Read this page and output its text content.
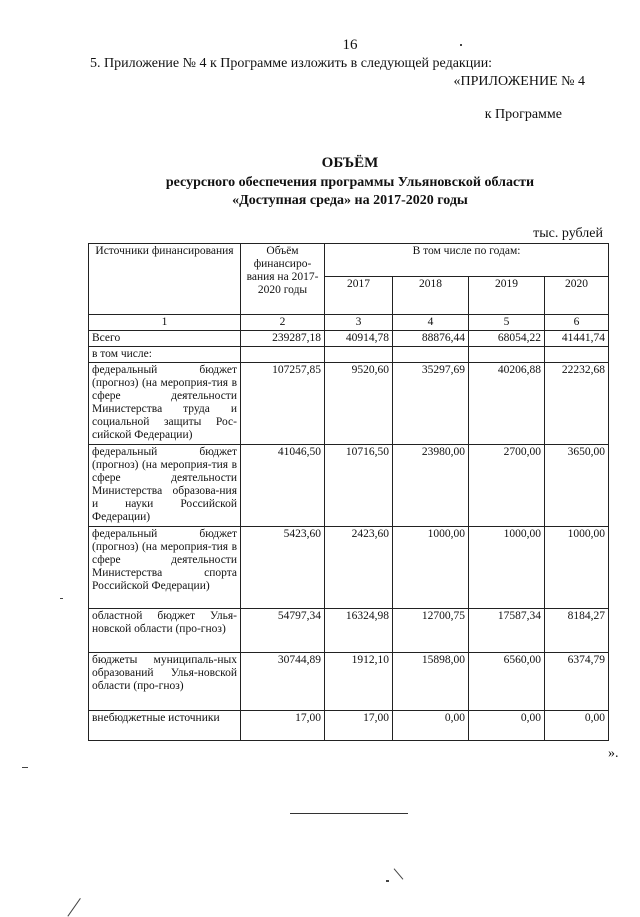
16
5. Приложение № 4 к Программе изложить в следующей редакции:
«ПРИЛОЖЕНИЕ № 4
к Программе
ОБЪЁМ
ресурсного обеспечения программы Ульяновской области
«Доступная среда» на 2017-2020 годы
тыс. рублей
Источники финансирования	Объём финансиро-вания на 2017-2020 годы	В том числе по годам:			
		2017	2018	2019	2020
1	2	3	4	5	6
Всего	239287,18	40914,78	88876,44	68054,22	41441,74
в том числе:					
федеральный бюджет (прогноз) (на мероприя-тия в сфере деятельности Министерства труда и социальной защиты Рос-сийской Федерации)	107257,85	9520,60	35297,69	40206,88	22232,68
федеральный бюджет (прогноз) (на мероприя-тия в сфере деятельности Министерства образова-ния и науки Российской Федерации)	41046,50	10716,50	23980,00	2700,00	3650,00
федеральный бюджет (прогноз) (на мероприя-тия в сфере деятельности Министерства спорта Российской Федерации)	5423,60	2423,60	1000,00	1000,00	1000,00
областной бюджет Улья-новской области (про-гноз)	54797,34	16324,98	12700,75	17587,34	8184,27
бюджеты муниципаль-ных образований Улья-новской области (про-гноз)	30744,89	1912,10	15898,00	6560,00	6374,79
внебюджетные источники	17,00	17,00	0,00	0,00	0,00
».
